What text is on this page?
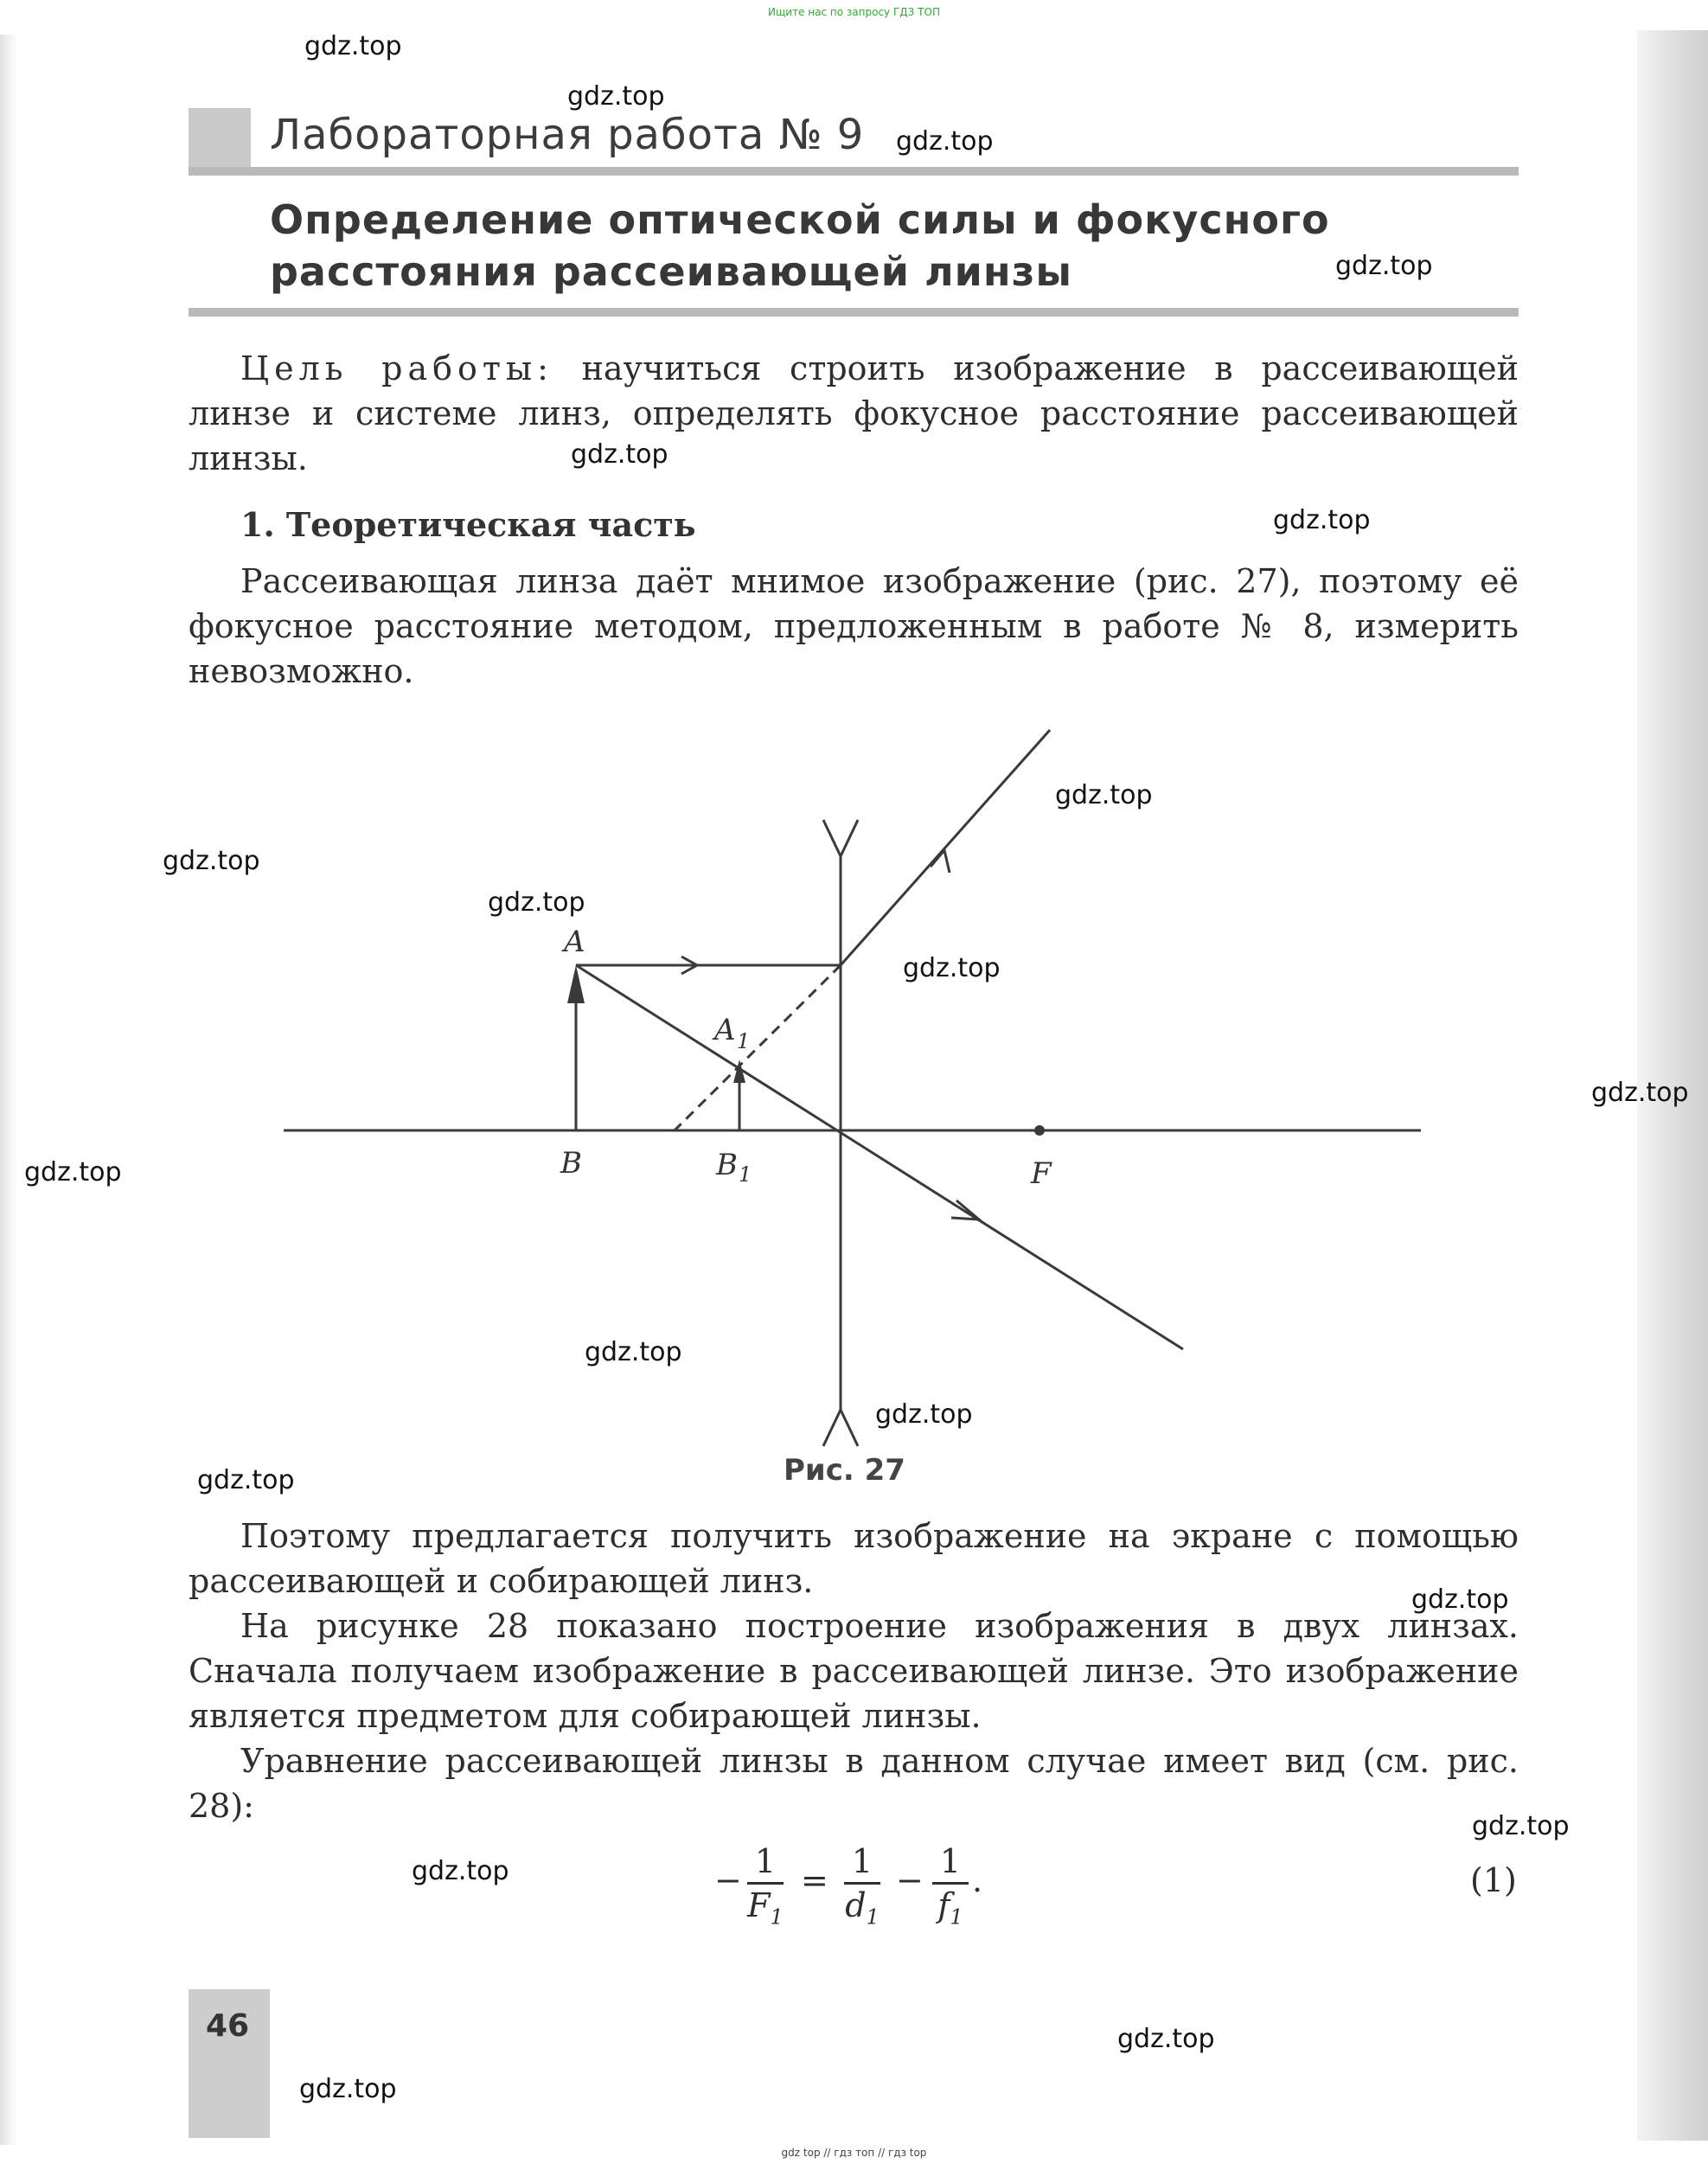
Ищите нас по запросу ГДЗ ТОП
Лабораторная работа № 9
Определение оптической силы и фокусного
расстояния рассеивающей линзы

Цель работы: научиться строить изображение в рассеивающей линзе и системе линз, определять фокусное расстояние рассеивающей линзы.

1. Теоретическая часть

Рассеивающая линза даёт мнимое изображение (рис. 27), поэтому её фокусное расстояние методом, предложенным в работе № 8, измерить невозможно.

A
A 1
B	B 1	F
Рис. 27

Поэтому предлагается получить изображение на экране с помощью рассеивающей и собирающей линз.

На рисунке 28 показано построение изображения в двух линзах. Сначала получаем изображение в рассеивающей линзе. Это изображение является предметом для собирающей линзы.

Уравнение рассеивающей линзы в данном случае имеет вид (см. рис. 28):

− 1
$F_1$
= 1
$d_1$
− 1
$f_1$
.	(1)
46
gdz.top
gdz.top
gdz.top
gdz.top
gdz.top
gdz.top
gdz.top
gdz.top
gdz.top
gdz.top
gdz.top
gdz.top
gdz.top
gdz.top
gdz.top
gdz.top
gdz.top
gdz.top
gdz.top
gdz.top
gdz top // гдз топ // гдз top
